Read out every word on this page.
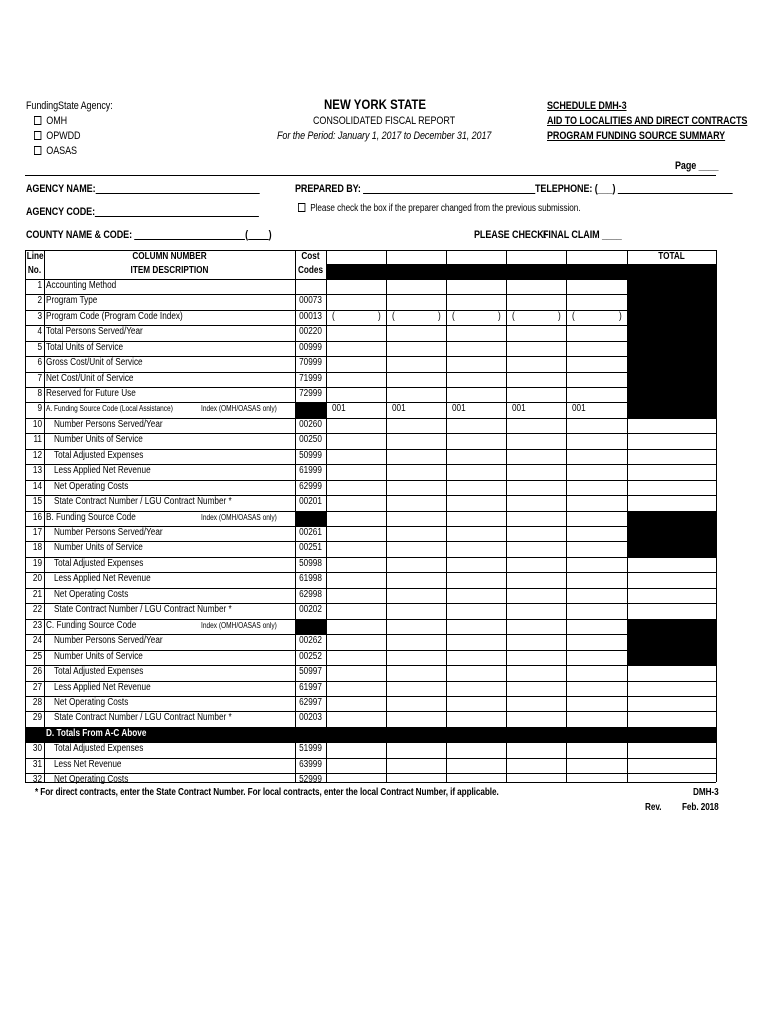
FundingState Agency:
OMH
OPWDD
OASAS
NEW YORK STATE
CONSOLIDATED FISCAL REPORT
For the Period: January 1, 2017 to December 31, 2017
SCHEDULE DMH-3
AID TO LOCALITIES AND DIRECT CONTRACTS
PROGRAM FUNDING SOURCE SUMMARY
Page ____
AGENCY NAME:	PREPARED BY:	TELEPHONE: (___)
AGENCY CODE:	Please check the box if the preparer changed from the previous submission.
COUNTY NAME & CODE:	( )	PLEASE CHECK:
FINAL CLAIM ____
Line
No.
COLUMN NUMBER
ITEM DESCRIPTION
Cost
Codes
TOTAL
1 Accounting Method
2 Program Type	00073
3 Program Code (Program Code Index)	00013 (	) (	) (	) (	) (	)
4 Total Persons Served/Year	00220
5 Total Units of Service	00999
6 Gross Cost/Unit of Service	70999
7 Net Cost/Unit of Service	71999
8 Reserved for Future Use	72999
9 A. Funding Source Code (Local Assistance)	Index (OMH/OASAS only)	001	001	001	001	001
10 Number Persons Served/Year	00260
11 Number Units of Service	00250
12 Total Adjusted Expenses	50999
13 Less Applied Net Revenue	61999
14 Net Operating Costs	62999
15 State Contract Number / LGU Contract Number *	00201
16 B. Funding Source Code	Index (OMH/OASAS only)
17 Number Persons Served/Year	00261
18 Number Units of Service	00251
19 Total Adjusted Expenses	50998
20 Less Applied Net Revenue	61998
21 Net Operating Costs	62998
22 State Contract Number / LGU Contract Number *	00202
23 C. Funding Source Code	Index (OMH/OASAS only)
24 Number Persons Served/Year	00262
25 Number Units of Service	00252
26 Total Adjusted Expenses	50997
27 Less Applied Net Revenue	61997
28 Net Operating Costs	62997
29 State Contract Number / LGU Contract Number *	00203
D. Totals From A-C Above
30 Total Adjusted Expenses	51999
31 Less Net Revenue	63999
32 Net Operating Costs	52999
* For direct contracts, enter the State Contract Number. For local contracts, enter the local Contract Number, if applicable.	DMH-3
Rev. Feb. 2018
